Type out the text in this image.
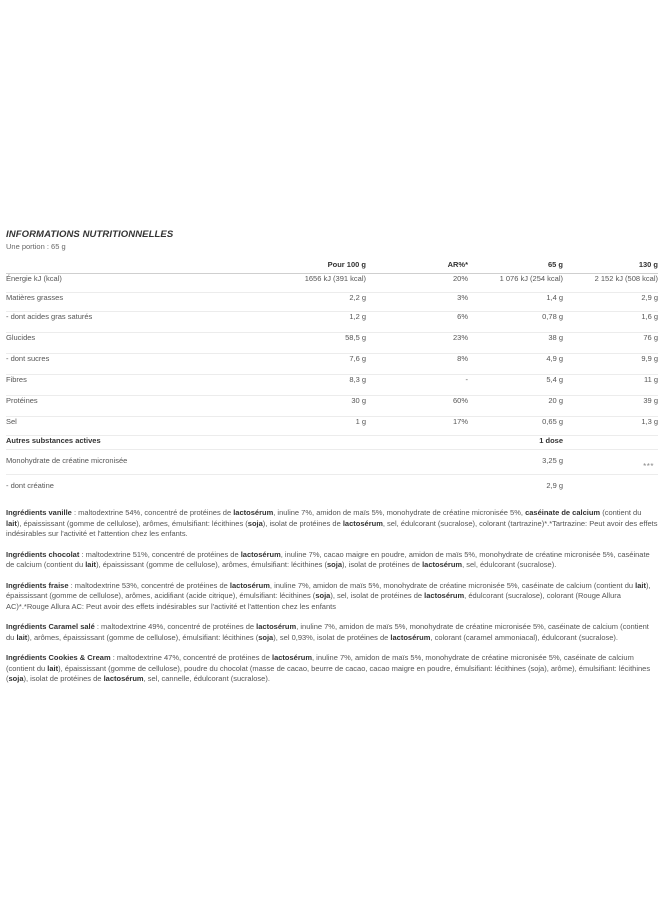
INFORMATIONS NUTRITIONNELLES
Une portion : 65 g
	Pour 100 g	AR%*	65 g	130 g
Énergie kJ (kcal)	1656 kJ (391 kcal)	20%	1 076 kJ (254 kcal)	2 152 kJ (508 kcal)
Matières grasses	2,2 g	3%	1,4 g	2,9 g
- dont acides gras saturés	1,2 g	6%	0,78 g	1,6 g
Glucides	58,5 g	23%	38 g	76 g
- dont sucres	7,6 g	8%	4,9 g	9,9 g
Fibres	8,3 g	-	5,4 g	11 g
Protéines	30 g	60%	20 g	39 g
Sel	1 g	17%	0,65 g	1,3 g
Autres substances actives			1 dose	
Monohydrate de créatine micronisée			3,25 g	***

- dont créatine			2,9 g	

Ingrédients vanille : maltodextrine 54%, concentré de protéines de lactosérum, inuline 7%, amidon de maïs 5%, monohydrate de créatine micronisée 5%, caséinate de calcium (contient du lait), épaississant (gomme de cellulose), arômes, émulsifiant: lécithines (soja), isolat de protéines de lactosérum, sel, édulcorant (sucralose), colorant (tartrazine)*.*Tartrazine: Peut avoir des effets indésirables sur l'activité et l'attention chez les enfants.

Ingrédients chocolat : maltodextrine 51%, concentré de protéines de lactosérum, inuline 7%, cacao maigre en poudre, amidon de maïs 5%, monohydrate de créatine micronisée 5%, caséinate de calcium (contient du lait), épaississant (gomme de cellulose), arômes, émulsifiant: lécithines (soja), isolat de protéines de lactosérum, sel, édulcorant (sucralose).

Ingrédients fraise : maltodextrine 53%, concentré de protéines de lactosérum, inuline 7%, amidon de maïs 5%, monohydrate de créatine micronisée 5%, caséinate de calcium (contient du lait), épaississant (gomme de cellulose), arômes, acidifiant (acide citrique), émulsifiant: lécithines (soja), sel, isolat de protéines de lactosérum, édulcorant (sucralose), colorant (Rouge Allura AC)*.*Rouge Allura AC: Peut avoir des effets indésirables sur l'activité et l'attention chez les enfants

Ingrédients Caramel salé : maltodextrine 49%, concentré de protéines de lactosérum, inuline 7%, amidon de maïs 5%, monohydrate de créatine micronisée 5%, caséinate de calcium (contient du lait), arômes, épaississant (gomme de cellulose), émulsifiant: lécithines (soja), sel 0,93%, isolat de protéines de lactosérum, colorant (caramel ammoniacal), édulcorant (sucralose).

Ingrédients Cookies & Cream : maltodextrine 47%, concentré de protéines de lactosérum, inuline 7%, amidon de maïs 5%, monohydrate de créatine micronisée 5%, caséinate de calcium (contient du lait), épaississant (gomme de cellulose), poudre du chocolat (masse de cacao, beurre de cacao, cacao maigre en poudre, émulsifiant: lécithines (soja), arôme), émulsifiant: lécithines (soja), isolat de protéines de lactosérum, sel, cannelle, édulcorant (sucralose).
